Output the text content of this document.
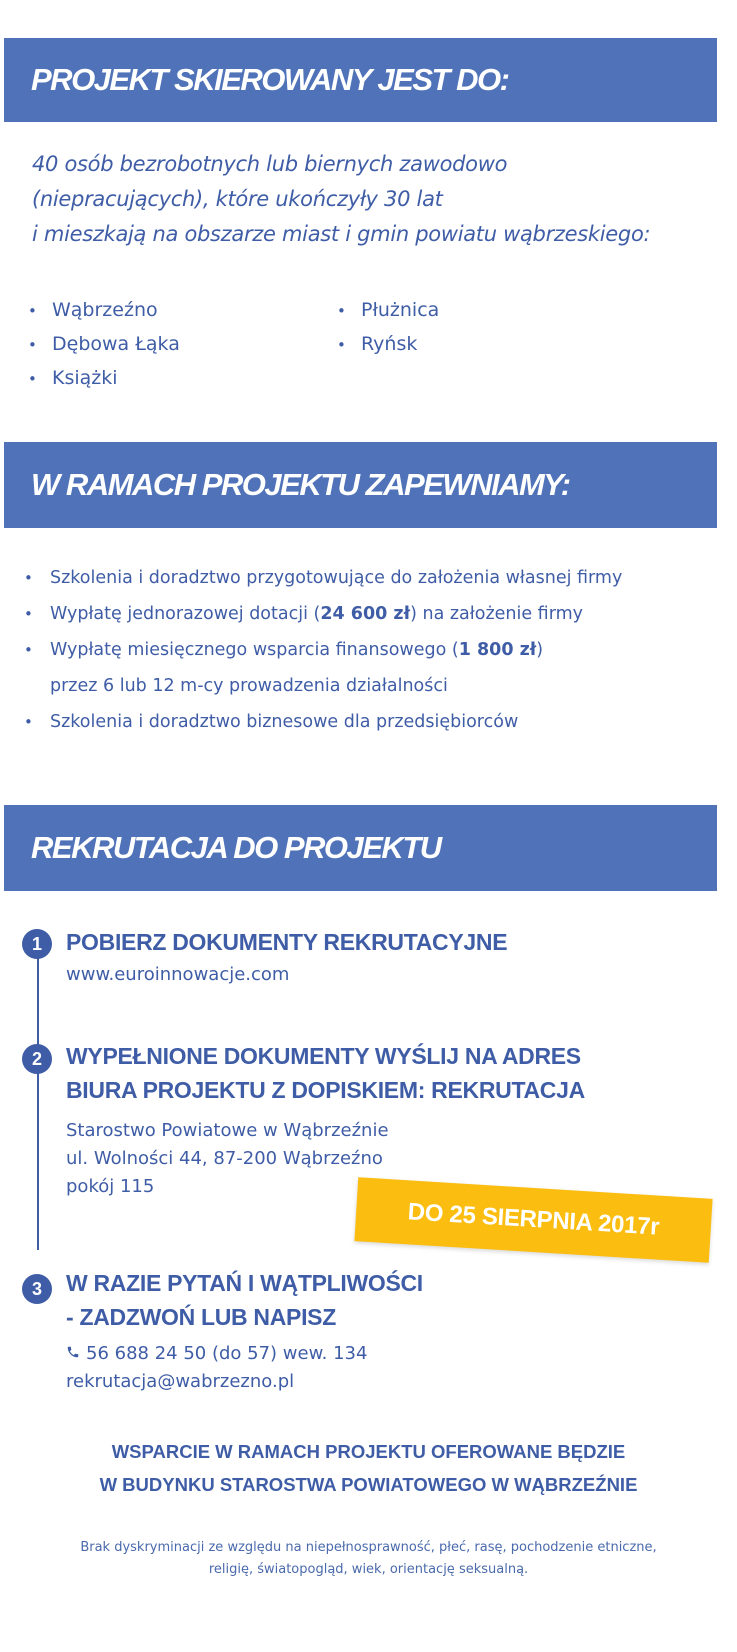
PROJEKT SKIEROWANY JEST DO:
40 osób bezrobotnych lub biernych zawodowo
(niepracujących), które ukończyły 30 lat
i mieszkają na obszarze miast i gmin powiatu wąbrzeskiego:
• Wąbrzeźno
• Dębowa Łąka
• Książki
• Płużnica
• Ryńsk
W RAMACH PROJEKTU ZAPEWNIAMY:
• Szkolenia i doradztwo przygotowujące do założenia własnej firmy
• Wypłatę jednorazowej dotacji (24 600 zł) na założenie firmy
• Wypłatę miesięcznego wsparcia finansowego (1 800 zł)
przez 6 lub 12 m-cy prowadzenia działalności
• Szkolenia i doradztwo biznesowe dla przedsiębiorców
REKRUTACJA DO PROJEKTU
1	POBIERZ DOKUMENTY REKRUTACYJNE
www.euroinnowacje.com
2	WYPEŁNIONE DOKUMENTY WYŚLIJ NA ADRES
BIURA PROJEKTU Z DOPISKIEM: REKRUTACJA
Starostwo Powiatowe w Wąbrzeźnie
ul. Wolności 44, 87-200 Wąbrzeźno
pokój 115
DO 25 SIERPNIA 2017r
3	W RAZIE PYTAŃ I WĄTPLIWOŚCI
- ZADZWOŃ LUB NAPISZ
56 688 24 50 (do 57) wew. 134
rekrutacja@wabrzezno.pl
WSPARCIE W RAMACH PROJEKTU OFEROWANE BĘDZIE
W BUDYNKU STAROSTWA POWIATOWEGO W WĄBRZEŹNIE
Brak dyskryminacji ze względu na niepełnosprawność, płeć, rasę, pochodzenie etniczne,
religię, światopogląd, wiek, orientację seksualną.
